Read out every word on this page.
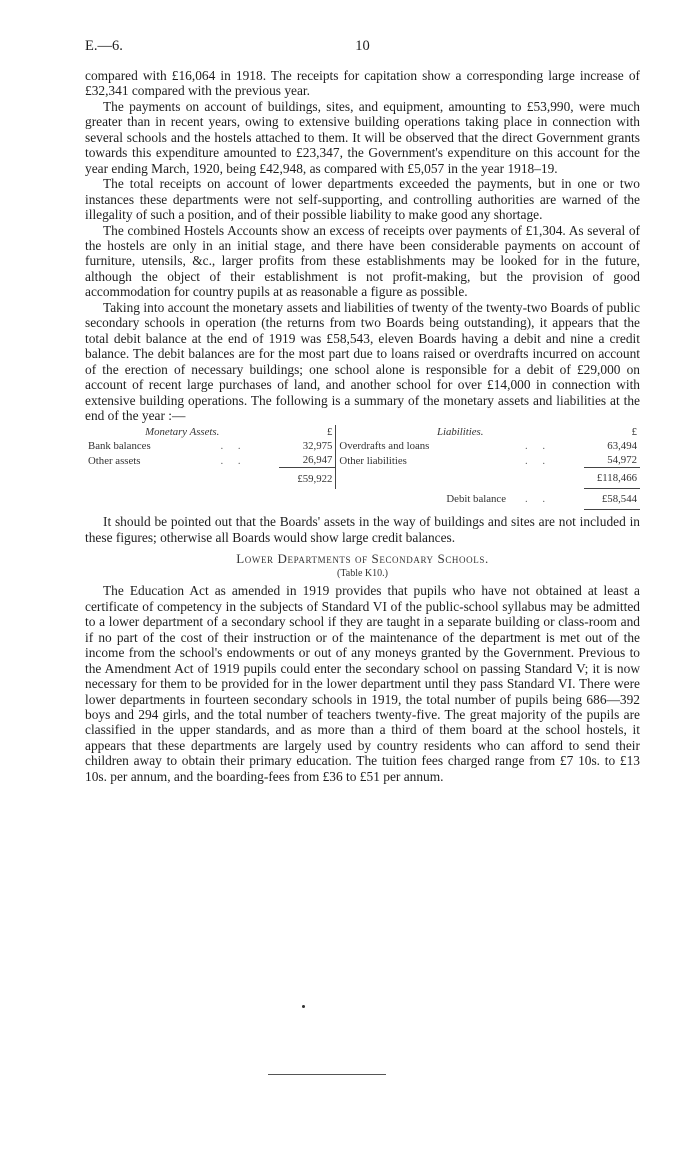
E.—6.	10

compared with £16,064 in 1918. The receipts for capitation show a corresponding large increase of £32,341 compared with the previous year.

The payments on account of buildings, sites, and equipment, amounting to £53,990, were much greater than in recent years, owing to extensive building operations taking place in connection with several schools and the hostels attached to them. It will be observed that the direct Government grants towards this expenditure amounted to £23,347, the Government's expenditure on this account for the year ending March, 1920, being £42,948, as compared with £5,057 in the year 1918–19.

The total receipts on account of lower departments exceeded the payments, but in one or two instances these departments were not self-supporting, and controlling authorities are warned of the illegality of such a position, and of their possible liability to make good any shortage.

The combined Hostels Accounts show an excess of receipts over payments of £1,304. As several of the hostels are only in an initial stage, and there have been considerable payments on account of furniture, utensils, &c., larger profits from these establishments may be looked for in the future, although the object of their establishment is not profit-making, but the provision of good accommodation for country pupils at as reasonable a figure as possible.

Taking into account the monetary assets and liabilities of twenty of the twenty-two Boards of public secondary schools in operation (the returns from two Boards being outstanding), it appears that the total debit balance at the end of 1919 was £58,543, eleven Boards having a debit and nine a credit balance. The debit balances are for the most part due to loans raised or overdrafts incurred on account of the erection of necessary buildings; one school alone is responsible for a debit of £29,000 on account of recent large purchases of land, and another school for over £14,000 in connection with extensive building operations. The following is a summary of the monetary assets and liabilities at the end of the year :—

Monetary Assets.		£	Liabilities.		£
Bank balances	. .	32,975	Overdrafts and loans	. .	63,494
Other assets	. .	26,947	Other liabilities	. .	54,972
		£59,922			£118,466
			Debit balance	. .	£58,544

It should be pointed out that the Boards' assets in the way of buildings and sites are not included in these figures; otherwise all Boards would show large credit balances.

Lower Departments of Secondary Schools.
(Table K10.)

The Education Act as amended in 1919 provides that pupils who have not obtained at least a certificate of competency in the subjects of Standard VI of the public-school syllabus may be admitted to a lower department of a secondary school if they are taught in a separate building or class-room and if no part of the cost of their instruction or of the maintenance of the department is met out of the income from the school's endowments or out of any moneys granted by the Government. Previous to the Amendment Act of 1919 pupils could enter the secondary school on passing Standard V; it is now necessary for them to be provided for in the lower department until they pass Standard VI. There were lower departments in fourteen secondary schools in 1919, the total number of pupils being 686—392 boys and 294 girls, and the total number of teachers twenty-five. The great majority of the pupils are classified in the upper standards, and as more than a third of them board at the school hostels, it appears that these departments are largely used by country residents who can afford to send their children away to obtain their primary education. The tuition fees charged range from £7 10s. to £13 10s. per annum, and the boarding-fees from £36 to £51 per annum.
